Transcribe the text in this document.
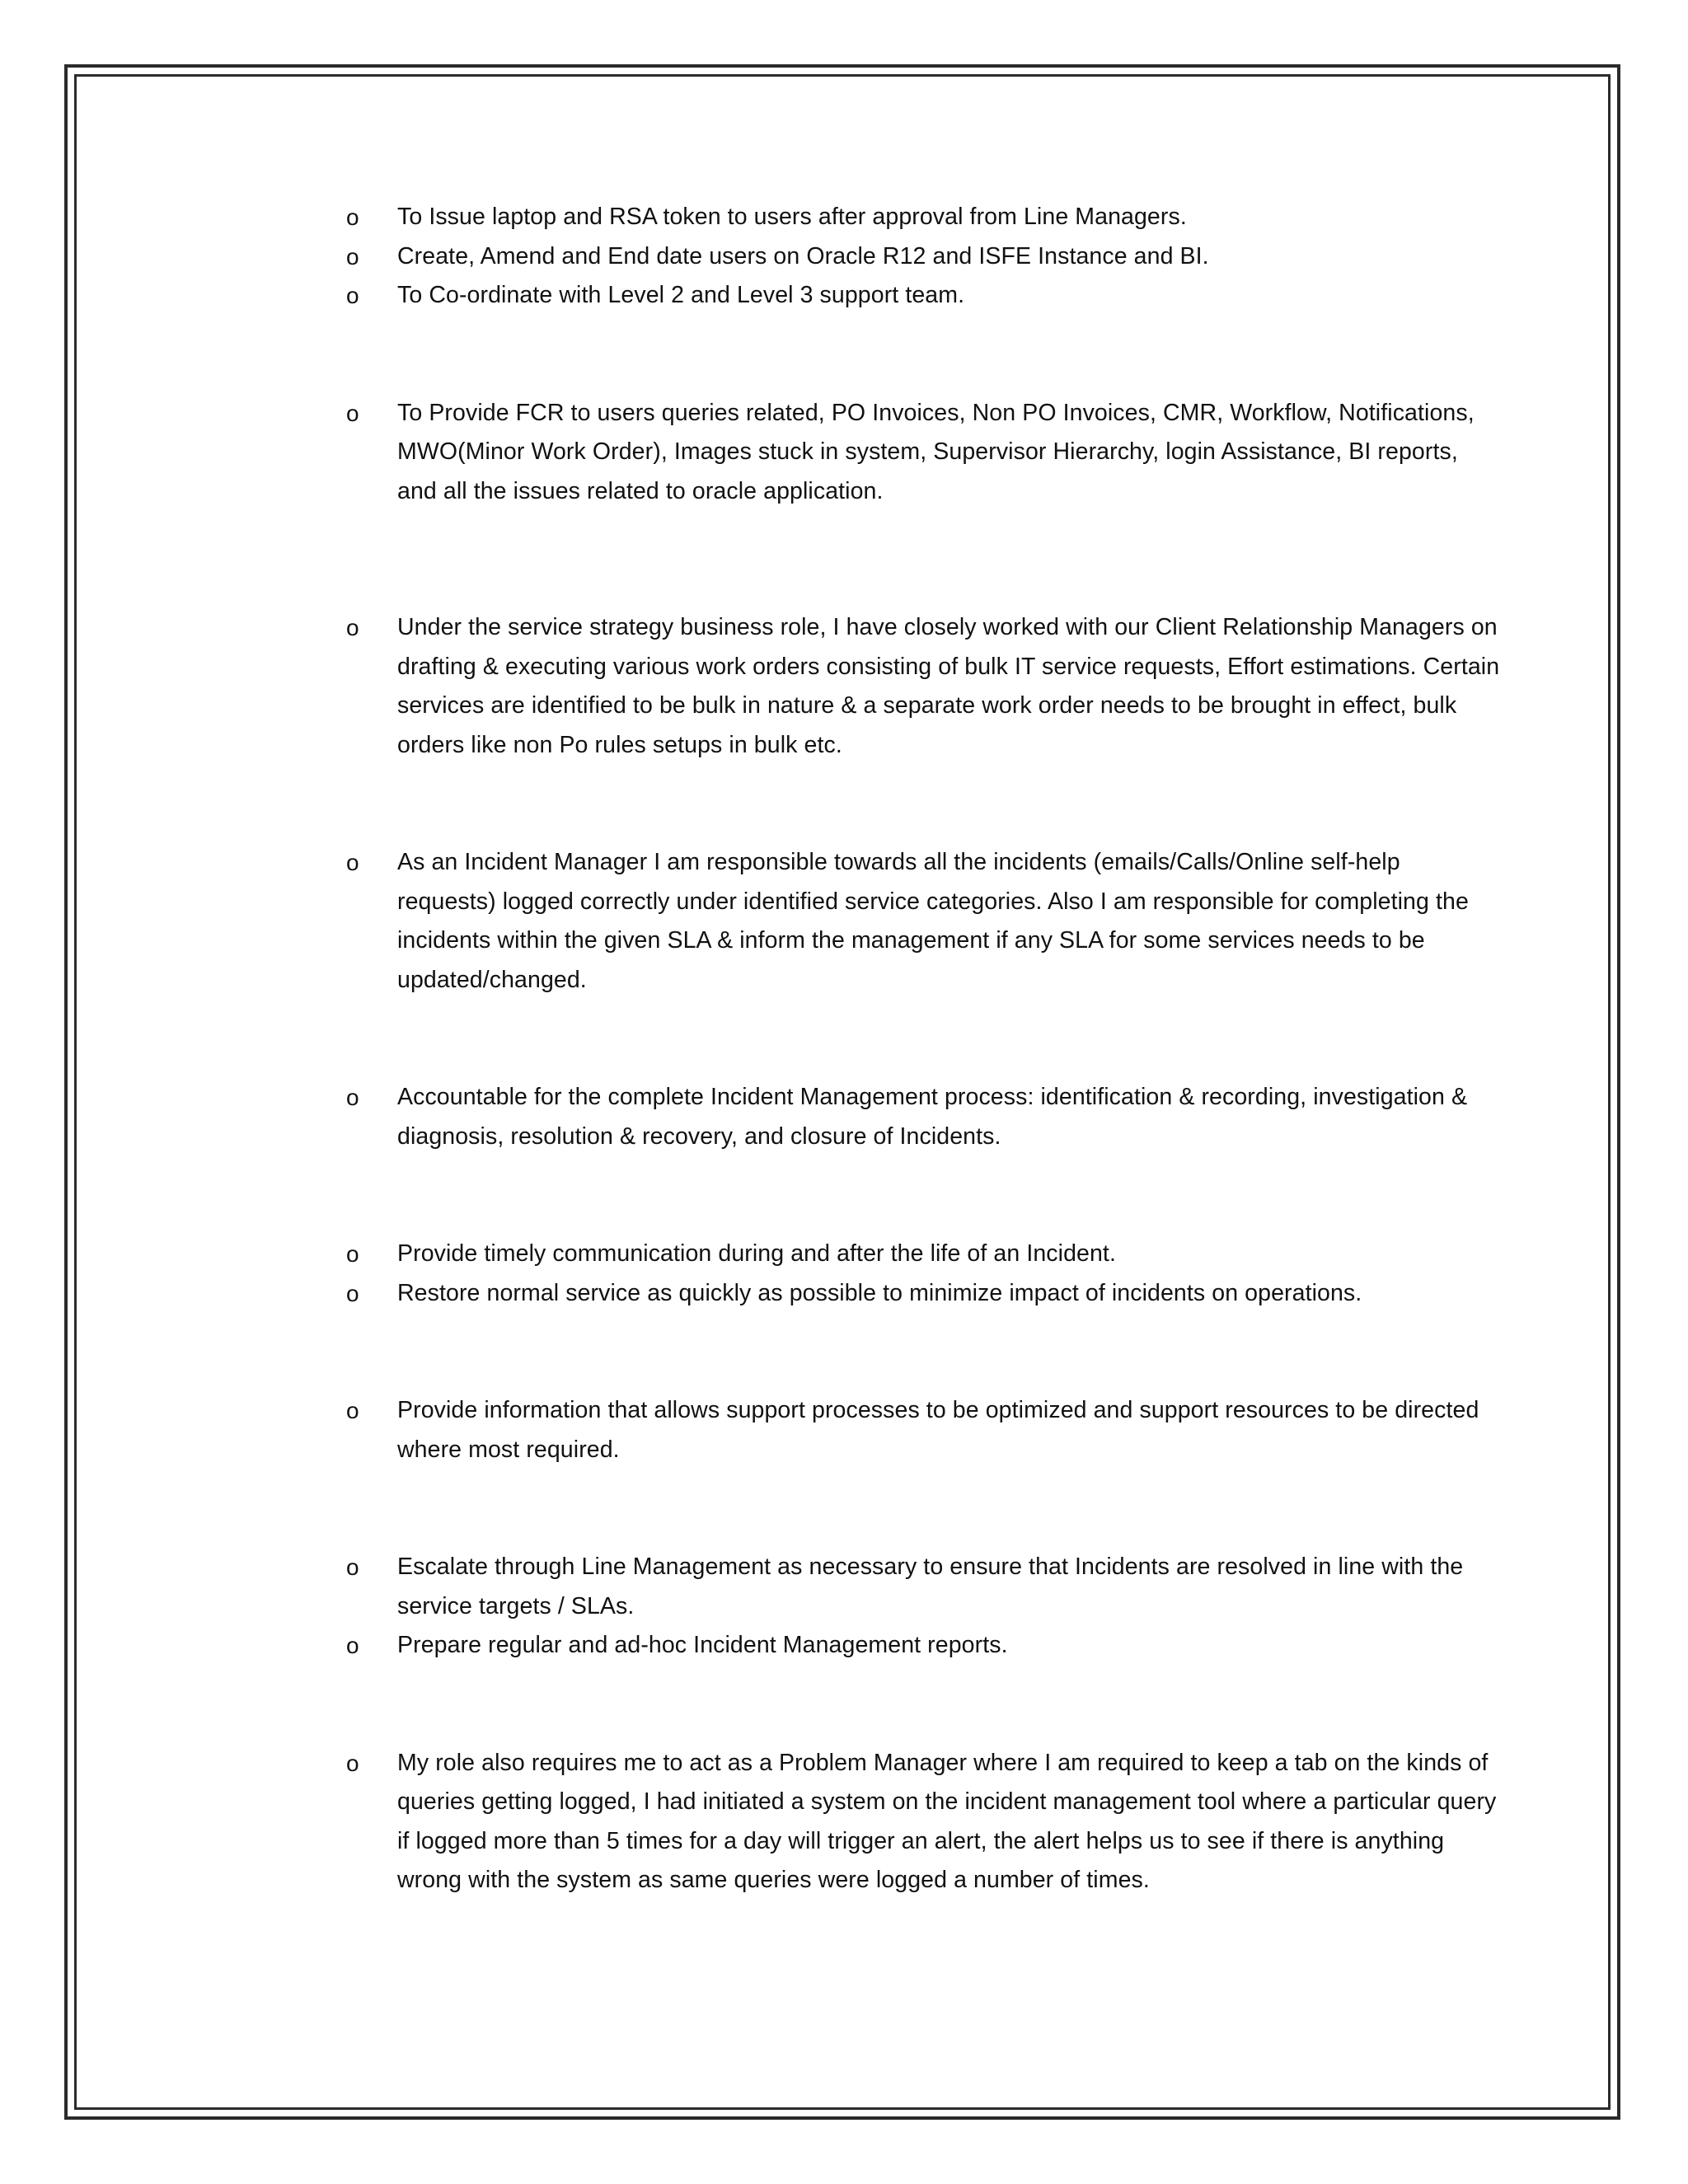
o To Issue laptop and RSA token to users after approval from Line Managers.
o Create, Amend and End date users on Oracle R12 and ISFE Instance and BI.
o To Co-ordinate with Level 2 and Level 3 support team.
o To Provide FCR to users queries related, PO Invoices, Non PO Invoices, CMR, Workflow, Notifications, MWO(Minor Work Order), Images stuck in system, Supervisor Hierarchy, login Assistance, BI reports, and all the issues related to oracle application.
o Under the service strategy business role, I have closely worked with our Client Relationship Managers on drafting & executing various work orders consisting of bulk IT service requests, Effort estimations. Certain services are identified to be bulk in nature & a separate work order needs to be brought in effect, bulk orders like non Po rules setups in bulk etc.
o As an Incident Manager I am responsible towards all the incidents (emails/Calls/Online self-help requests) logged correctly under identified service categories. Also I am responsible for completing the incidents within the given SLA & inform the management if any SLA for some services needs to be updated/changed.
o Accountable for the complete Incident Management process: identification & recording, investigation & diagnosis, resolution & recovery, and closure of Incidents.
o Provide timely communication during and after the life of an Incident.
o Restore normal service as quickly as possible to minimize impact of incidents on operations.
o Provide information that allows support processes to be optimized and support resources to be directed where most required.
o Escalate through Line Management as necessary to ensure that Incidents are resolved in line with the service targets / SLAs.
o Prepare regular and ad-hoc Incident Management reports.
o My role also requires me to act as a Problem Manager where I am required to keep a tab on the kinds of queries getting logged, I had initiated a system on the incident management tool where a particular query if logged more than 5 times for a day will trigger an alert, the alert helps us to see if there is anything wrong with the system as same queries were logged a number of times.
